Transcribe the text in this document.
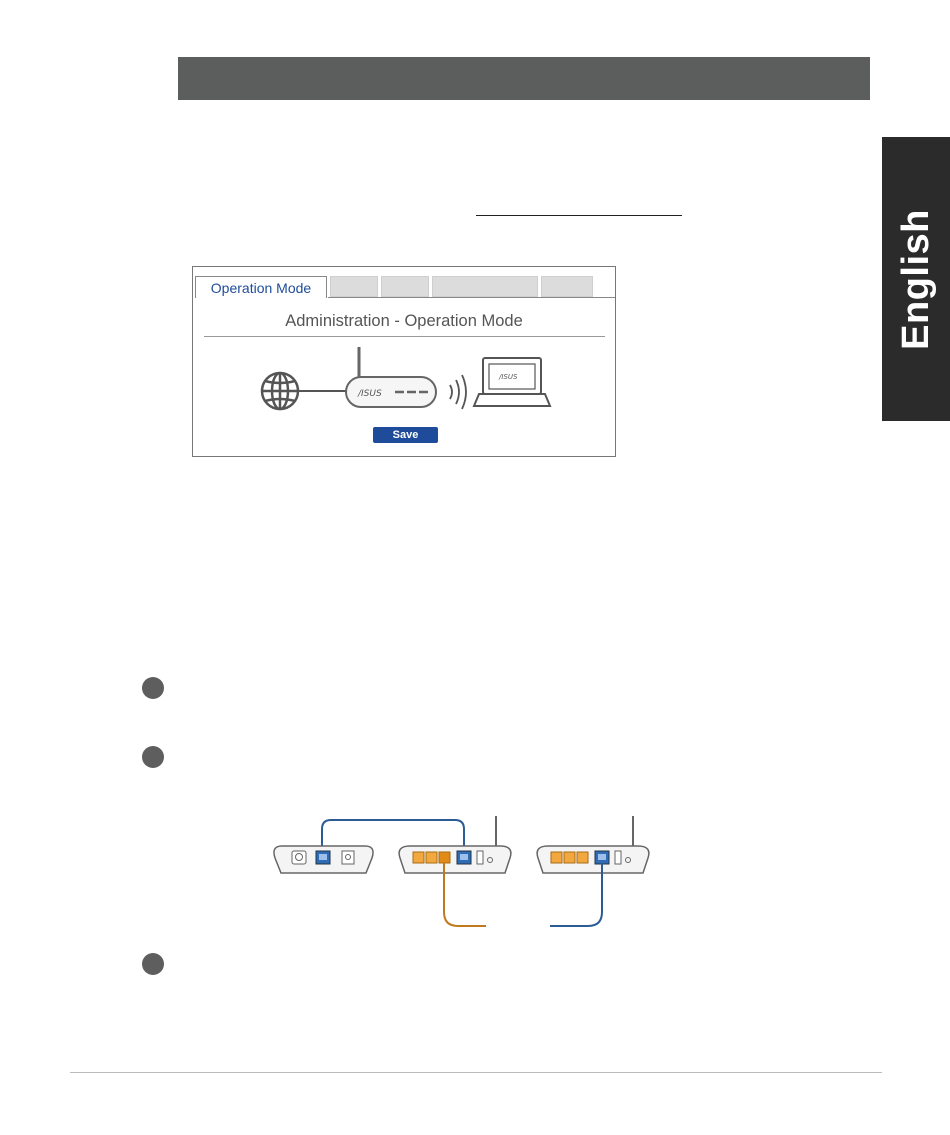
English
Operation Mode
Administration - Operation Mode
/ISUS
/ISUS
Save
